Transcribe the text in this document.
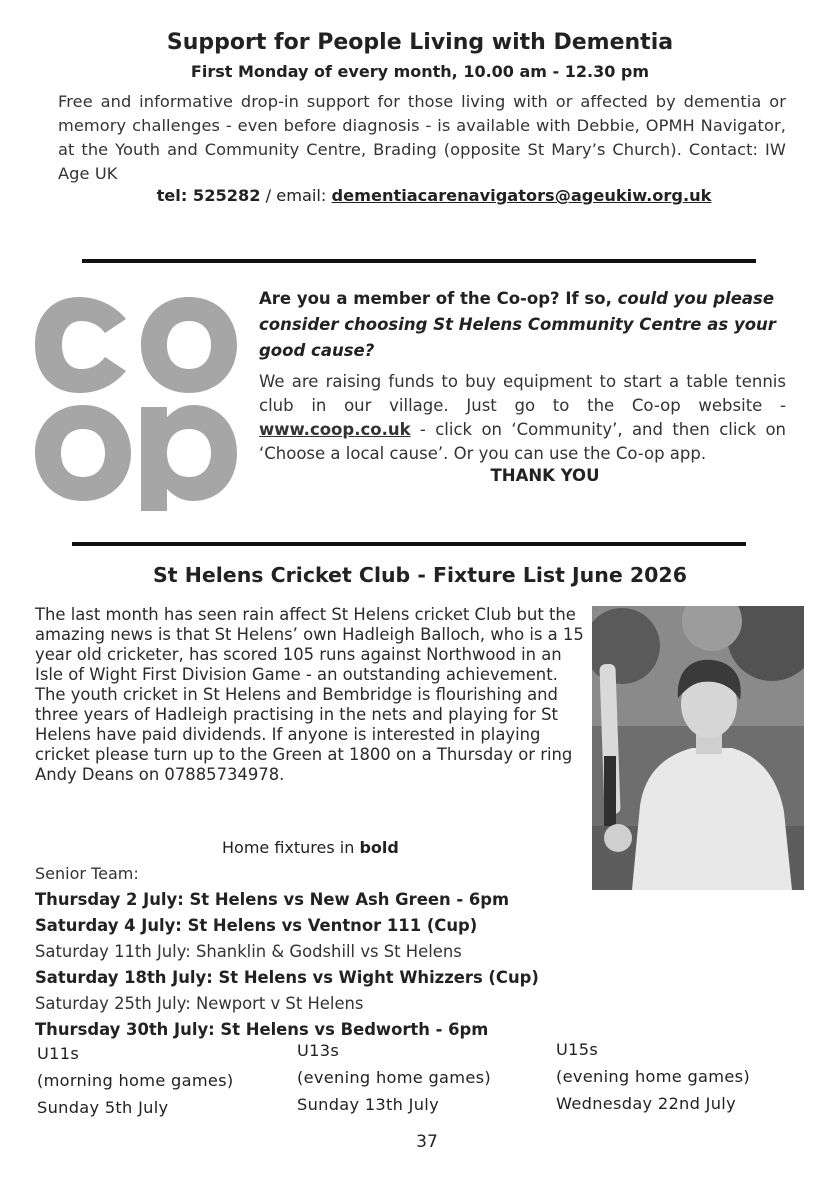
Support for People Living with Dementia
First Monday of every month, 10.00 am - 12.30 pm
Free and informative drop-in support for those living with or affected by dementia or memory challenges - even before diagnosis - is available with Debbie, OPMH Navigator, at the Youth and Community Centre, Brading (opposite St Mary’s Church). Contact: IW Age UK
tel: 525282 / email: dementiacarenavigators@ageukiw.org.uk
Are you a member of the Co-op? If so, could you please consider choosing St Helens Community Centre as your good cause?
We are raising funds to buy equipment to start a table tennis club in our village. Just go to the Co-op website - www.coop.co.uk - click on ‘Community’, and then click on ‘Choose a local cause’. Or you can use the Co-op app.
THANK YOU
St Helens Cricket Club - Fixture List June 2026
The last month has seen rain affect St Helens cricket Club but the amazing news is that St Helens’ own Hadleigh Balloch, who is a 15 year old cricketer, has scored 105 runs against Northwood in an Isle of Wight First Division Game - an outstanding achievement. The youth cricket in St Helens and Bembridge is flourishing and three years of Hadleigh practising in the nets and playing for St Helens have paid dividends. If anyone is interested in playing cricket please turn up to the Green at 1800 on a Thursday or ring Andy Deans on 07885734978.
Home fixtures in bold
Senior Team:
Thursday 2 July: St Helens vs New Ash Green - 6pm
Saturday 4 July: St Helens vs Ventnor 111 (Cup)
Saturday 11th July: Shanklin & Godshill vs St Helens
Saturday 18th July: St Helens vs Wight Whizzers (Cup)
Saturday 25th July: Newport v St Helens
Thursday 30th July: St Helens vs Bedworth - 6pm
U11s
(morning home games)
Sunday 5th July
U13s
(evening home games)
Sunday 13th July
U15s
(evening home games)
Wednesday 22nd July
37
